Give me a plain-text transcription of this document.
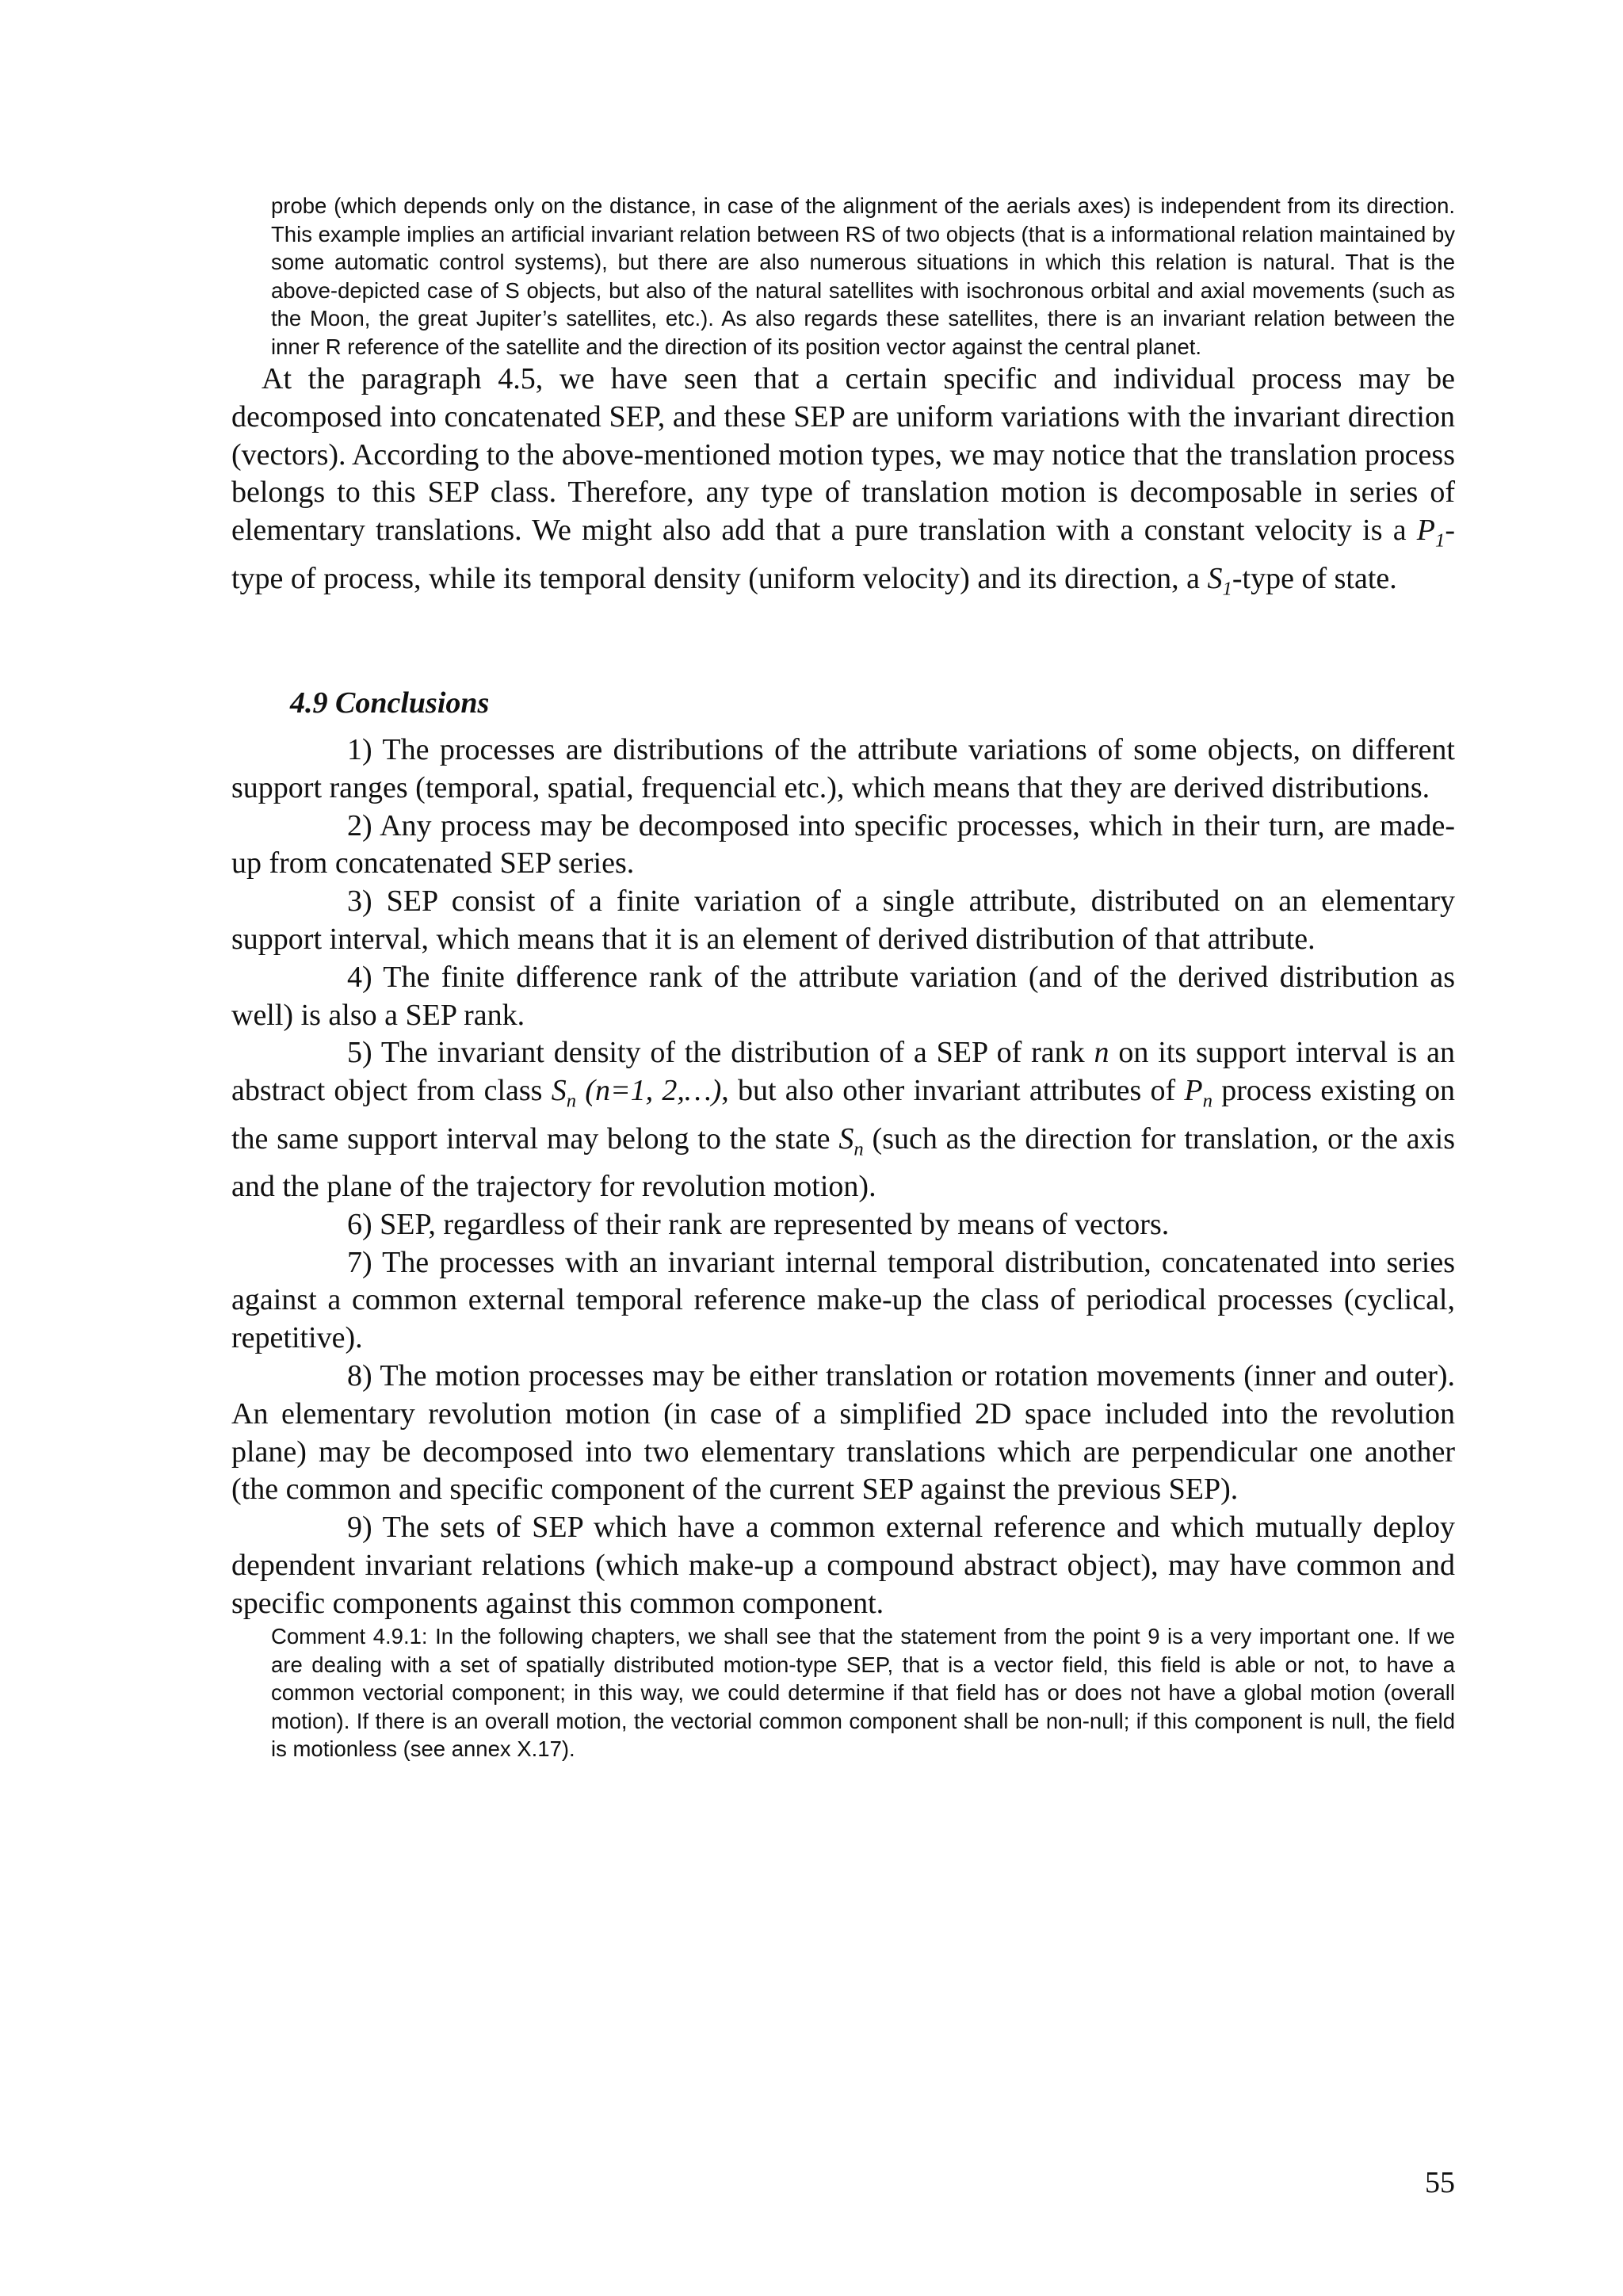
probe (which depends only on the distance, in case of the alignment of the aerials axes) is independent from its direction. This example implies an artificial invariant relation between RS of two objects (that is a informational relation maintained by some automatic control systems), but there are also numerous situations in which this relation is natural. That is the above-depicted case of S objects, but also of the natural satellites with isochronous orbital and axial movements (such as the Moon, the great Jupiter’s satellites, etc.). As also regards these satellites, there is an invariant relation between the inner R reference of the satellite and the direction of its position vector against the central planet.

At the paragraph 4.5, we have seen that a certain specific and individual process may be decomposed into concatenated SEP, and these SEP are uniform variations with the invariant direction (vectors). According to the above-mentioned motion types, we may notice that the translation process belongs to this SEP class. Therefore, any type of translation motion is decomposable in series of elementary translations. We might also add that a pure translation with a constant velocity is a $P_1$-type of process, while its temporal density (uniform velocity) and its direction, a $S_1$-type of state.

4.9 Conclusions

1) The processes are distributions of the attribute variations of some objects, on different support ranges (temporal, spatial, frequencial etc.), which means that they are derived distributions.

2) Any process may be decomposed into specific processes, which in their turn, are made-up from concatenated SEP series.

3) SEP consist of a finite variation of a single attribute, distributed on an elementary support interval, which means that it is an element of derived distribution of that attribute.

4) The finite difference rank of the attribute variation (and of the derived distribution as well) is also a SEP rank.

5) The invariant density of the distribution of a SEP of rank n on its support interval is an abstract object from class $S_n$ (n=1, 2,…), but also other invariant attributes of $P_n$ process existing on the same support interval may belong to the state $S_n$ (such as the direction for translation, or the axis and the plane of the trajectory for revolution motion).

6) SEP, regardless of their rank are represented by means of vectors.

7) The processes with an invariant internal temporal distribution, concatenated into series against a common external temporal reference make-up the class of periodical processes (cyclical, repetitive).

8) The motion processes may be either translation or rotation movements (inner and outer). An elementary revolution motion (in case of a simplified 2D space included into the revolution plane) may be decomposed into two elementary translations which are perpendicular one another (the common and specific component of the current SEP against the previous SEP).

9) The sets of SEP which have a common external reference and which mutually deploy dependent invariant relations (which make-up a compound abstract object), may have common and specific components against this common component.

Comment 4.9.1: In the following chapters, we shall see that the statement from the point 9 is a very important one. If we are dealing with a set of spatially distributed motion-type SEP, that is a vector field, this field is able or not, to have a common vectorial component; in this way, we could determine if that field has or does not have a global motion (overall motion). If there is an overall motion, the vectorial common component shall be non-null; if this component is null, the field is motionless (see annex X.17).

55
